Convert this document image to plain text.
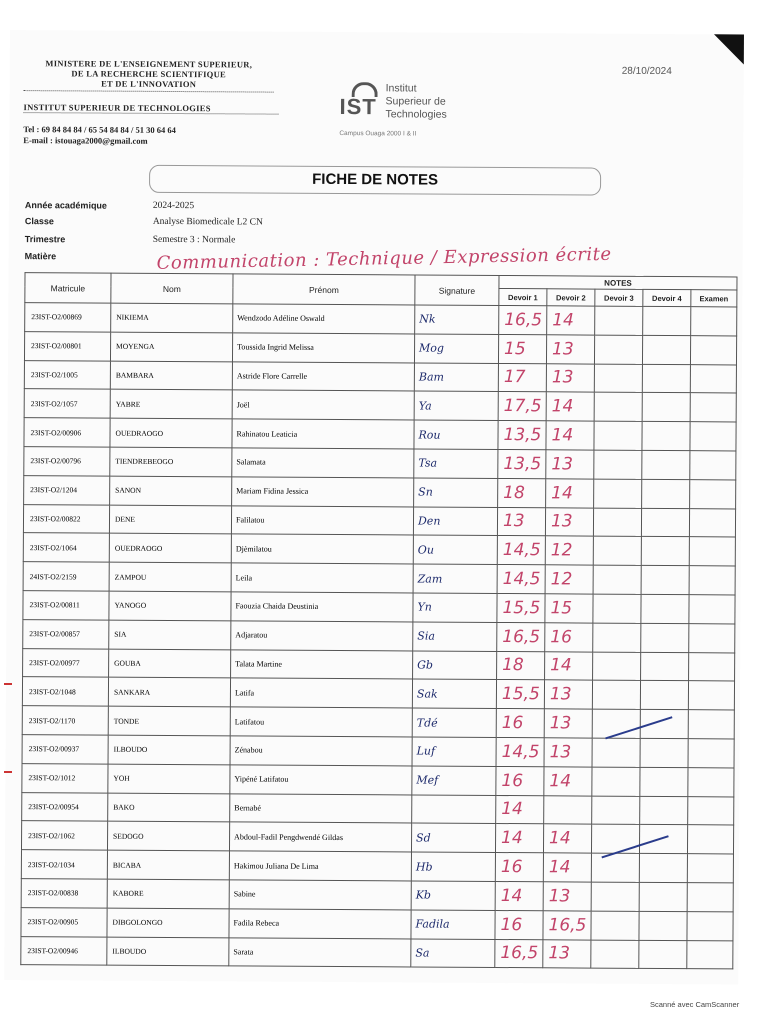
MINISTERE DE L'ENSEIGNEMENT SUPERIEUR,
DE LA RECHERCHE SCIENTIFIQUE
ET DE L'INNOVATION
INSTITUT SUPERIEUR DE TECHNOLOGIES
Tel : 69 84 84 84 / 65 54 84 84 / 51 30 64 64
E-mail : istouaga2000@gmail.com
28/10/2024
IST
Institut
Superieur de
Technologies
Campus Ouaga 2000 I & II
FICHE DE NOTES
Année académique	2024-2025
Classe	Analyse Biomedicale L2 CN
Trimestre	Semestre 3 : Normale
Matière	Communication : Technique / Expression écrite
Matricule	Nom	Prénom	Signature	NOTES				
				Devoir 1	Devoir 2	Devoir 3	Devoir 4	Examen
23IST-O2/00869	NIKIEMA	Wendzodo Adéline Oswald	Nk	16,5	14			
23IST-O2/00801	MOYENGA	Toussida Ingrid Melissa	Mog	15	13			
23IST-O2/1005	BAMBARA	Astride Flore Carrelle	Bam	17	13			
23IST-O2/1057	YABRE	Joël	Ya	17,5	14			
23IST-O2/00906	OUEDRAOGO	Rahinatou Leaticia	Rou	13,5	14			
23IST-O2/00796	TIENDREBEOGO	Salamata	Tsa	13,5	13			
23IST-O2/1204	SANON	Mariam Fidina Jessica	Sn	18	14			
23IST-O2/00822	DENE	Falilatou	Den	13	13			
23IST-O2/1064	OUEDRAOGO	Djèmilatou	Ou	14,5	12			
24IST-O2/2159	ZAMPOU	Leila	Zam	14,5	12			
23IST-O2/00811	YANOGO	Faouzia Chaida Deustinia	Yn	15,5	15			
23IST-O2/00857	SIA	Adjaratou	Sia	16,5	16			
23IST-O2/00977	GOUBA	Talata Martine	Gb	18	14			
23IST-O2/1048	SANKARA	Latifa	Sak	15,5	13			
23IST-O2/1170	TONDE	Latifatou	Tdé	16	13			
23IST-O2/00937	ILBOUDO	Zénabou	Luf	14,5	13			
23IST-O2/1012	YOH	Yipéné Latifatou	Mef	16	14			
23IST-O2/00954	BAKO	Bernabé		14				
23IST-O2/1062	SEDOGO	Abdoul-Fadil Pengdwendé Gildas	Sd	14	14			
23IST-O2/1034	BICABA	Hakimou Juliana De Lima	Hb	16	14			
23IST-O2/00838	KABORE	Sabine	Kb	14	13			
23IST-O2/00905	DIBGOLONGO	Fadila Rebeca	Fadila	16	16,5			
23IST-O2/00946	ILBOUDO	Sarata	Sa	16,5	13			
Scanné avec CamScanner
